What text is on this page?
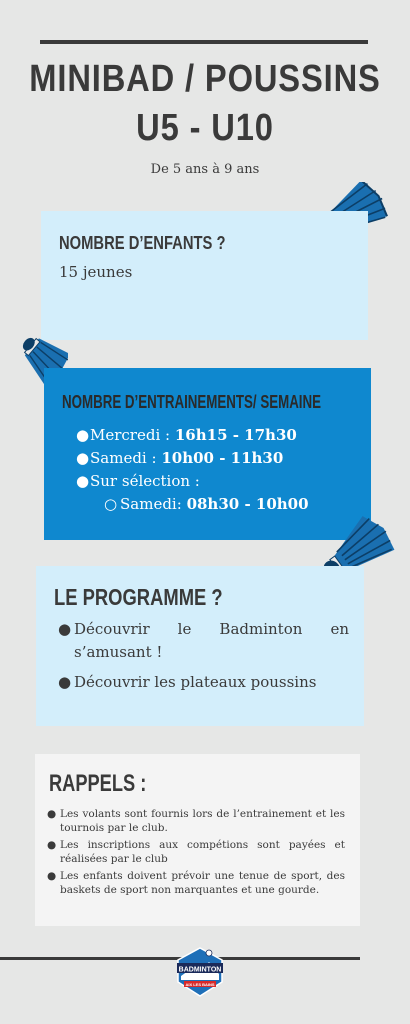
MINIBAD / POUSSINS
U5 - U10
De 5 ans à 9 ans
NOMBRE D’ENFANTS ?
15 jeunes
NOMBRE D’ENTRAINEMENTS/ SEMAINE
● Mercredi : 16h15 - 17h30
● Samedi : 10h00 - 11h30
● Sur sélection :
○ Samedi: 08h30 - 10h00
LE PROGRAMME ?
● Découvrir le Badminton en s’amusant !
● Découvrir les plateaux poussins
RAPPELS :
● Les volants sont fournis lors de l’entrainement et les tournois par le club.
● Les inscriptions aux compétions sont payées et réalisées par le club
● Les enfants doivent prévoir une tenue de sport, des baskets de sport non marquantes et une gourde.
BADMINTON
AIX LES BAINS
